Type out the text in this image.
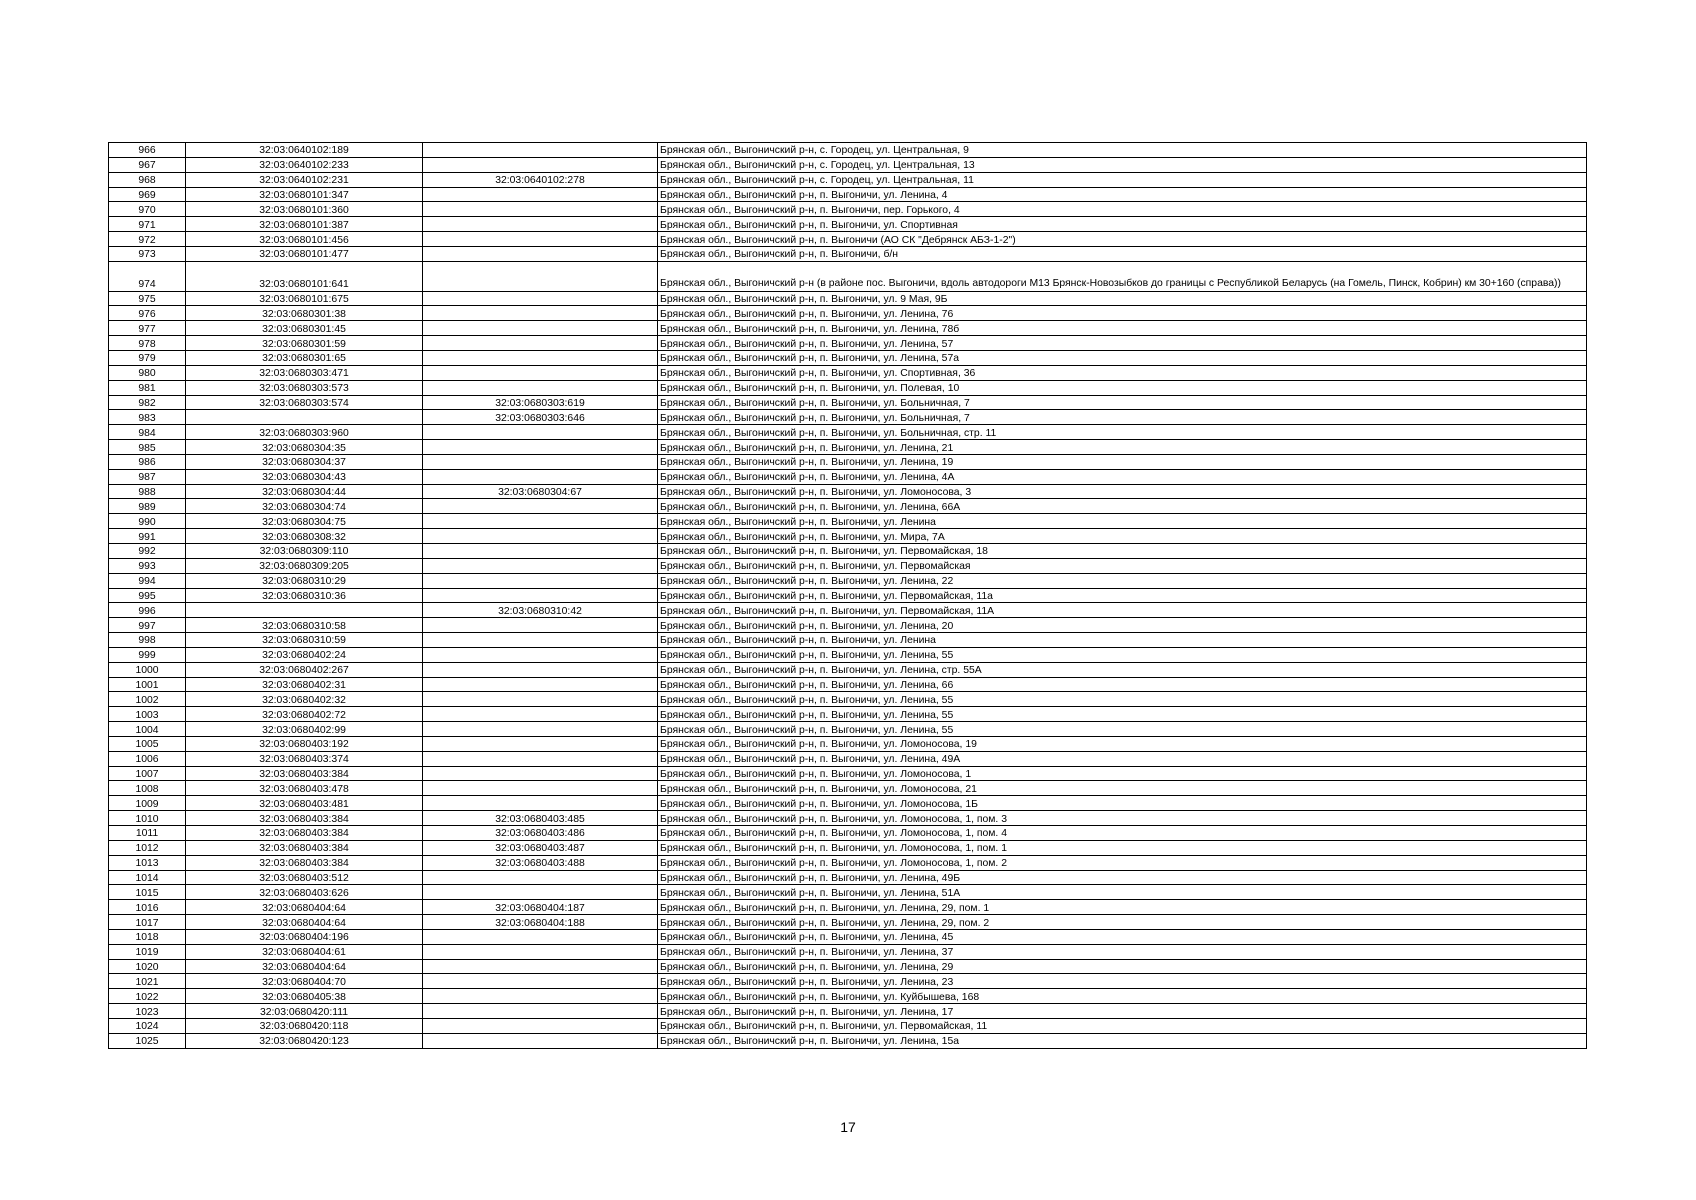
966	32:03:0640102:189		Брянская обл., Выгоничский р-н, с. Городец, ул. Центральная, 9
967	32:03:0640102:233		Брянская обл., Выгоничский р-н, с. Городец, ул. Центральная, 13
968	32:03:0640102:231	32:03:0640102:278	Брянская обл., Выгоничский р-н, с. Городец, ул. Центральная, 11
969	32:03:0680101:347		Брянская обл., Выгоничский р-н, п. Выгоничи, ул. Ленина, 4
970	32:03:0680101:360		Брянская обл., Выгоничский р-н, п. Выгоничи, пер. Горького, 4
971	32:03:0680101:387		Брянская обл., Выгоничский р-н, п. Выгоничи, ул. Спортивная
972	32:03:0680101:456		Брянская обл., Выгоничский р-н, п. Выгоничи (АО СК "Дебрянск АБЗ-1-2")
973	32:03:0680101:477		Брянская обл., Выгоничский р-н, п. Выгоничи, б/н
974	32:03:0680101:641		Брянская обл., Выгоничский р-н (в районе пос. Выгоничи, вдоль автодороги М13 Брянск-Новозыбков до границы с Республикой Беларусь (на Гомель, Пинск, Кобрин) км 30+160 (справа))
975	32:03:0680101:675		Брянская обл., Выгоничский р-н, п. Выгоничи, ул. 9 Мая, 9Б
976	32:03:0680301:38		Брянская обл., Выгоничский р-н, п. Выгоничи, ул. Ленина, 76
977	32:03:0680301:45		Брянская обл., Выгоничский р-н, п. Выгоничи, ул. Ленина, 78б
978	32:03:0680301:59		Брянская обл., Выгоничский р-н, п. Выгоничи, ул. Ленина, 57
979	32:03:0680301:65		Брянская обл., Выгоничский р-н, п. Выгоничи, ул. Ленина, 57а
980	32:03:0680303:471		Брянская обл., Выгоничский р-н, п. Выгоничи, ул. Спортивная, 36
981	32:03:0680303:573		Брянская обл., Выгоничский р-н, п. Выгоничи, ул. Полевая, 10
982	32:03:0680303:574	32:03:0680303:619	Брянская обл., Выгоничский р-н, п. Выгоничи, ул. Больничная, 7
983		32:03:0680303:646	Брянская обл., Выгоничский р-н, п. Выгоничи, ул. Больничная, 7
984	32:03:0680303:960		Брянская обл., Выгоничский р-н, п. Выгоничи, ул. Больничная, стр. 11
985	32:03:0680304:35		Брянская обл., Выгоничский р-н, п. Выгоничи, ул. Ленина, 21
986	32:03:0680304:37		Брянская обл., Выгоничский р-н, п. Выгоничи, ул. Ленина, 19
987	32:03:0680304:43		Брянская обл., Выгоничский р-н, п. Выгоничи, ул. Ленина, 4А
988	32:03:0680304:44	32:03:0680304:67	Брянская обл., Выгоничский р-н, п. Выгоничи, ул. Ломоносова, 3
989	32:03:0680304:74		Брянская обл., Выгоничский р-н, п. Выгоничи, ул. Ленина, 66А
990	32:03:0680304:75		Брянская обл., Выгоничский р-н, п. Выгоничи, ул. Ленина
991	32:03:0680308:32		Брянская обл., Выгоничский р-н, п. Выгоничи, ул. Мира, 7А
992	32:03:0680309:110		Брянская обл., Выгоничский р-н, п. Выгоничи, ул. Первомайская, 18
993	32:03:0680309:205		Брянская обл., Выгоничский р-н, п. Выгоничи, ул. Первомайская
994	32:03:0680310:29		Брянская обл., Выгоничский р-н, п. Выгоничи, ул. Ленина, 22
995	32:03:0680310:36		Брянская обл., Выгоничский р-н, п. Выгоничи, ул. Первомайская, 11а
996		32:03:0680310:42	Брянская обл., Выгоничский р-н, п. Выгоничи, ул. Первомайская, 11А
997	32:03:0680310:58		Брянская обл., Выгоничский р-н, п. Выгоничи, ул. Ленина, 20
998	32:03:0680310:59		Брянская обл., Выгоничский р-н, п. Выгоничи, ул. Ленина
999	32:03:0680402:24		Брянская обл., Выгоничский р-н, п. Выгоничи, ул. Ленина, 55
1000	32:03:0680402:267		Брянская обл., Выгоничский р-н, п. Выгоничи, ул. Ленина, стр. 55А
1001	32:03:0680402:31		Брянская обл., Выгоничский р-н, п. Выгоничи, ул. Ленина, 66
1002	32:03:0680402:32		Брянская обл., Выгоничский р-н, п. Выгоничи, ул. Ленина, 55
1003	32:03:0680402:72		Брянская обл., Выгоничский р-н, п. Выгоничи, ул. Ленина, 55
1004	32:03:0680402:99		Брянская обл., Выгоничский р-н, п. Выгоничи, ул. Ленина, 55
1005	32:03:0680403:192		Брянская обл., Выгоничский р-н, п. Выгоничи, ул. Ломоносова, 19
1006	32:03:0680403:374		Брянская обл., Выгоничский р-н, п. Выгоничи, ул. Ленина, 49А
1007	32:03:0680403:384		Брянская обл., Выгоничский р-н, п. Выгоничи, ул. Ломоносова, 1
1008	32:03:0680403:478		Брянская обл., Выгоничский р-н, п. Выгоничи, ул. Ломоносова, 21
1009	32:03:0680403:481		Брянская обл., Выгоничский р-н, п. Выгоничи, ул. Ломоносова, 1Б
1010	32:03:0680403:384	32:03:0680403:485	Брянская обл., Выгоничский р-н, п. Выгоничи, ул. Ломоносова, 1, пом. 3
1011	32:03:0680403:384	32:03:0680403:486	Брянская обл., Выгоничский р-н, п. Выгоничи, ул. Ломоносова, 1, пом. 4
1012	32:03:0680403:384	32:03:0680403:487	Брянская обл., Выгоничский р-н, п. Выгоничи, ул. Ломоносова, 1, пом. 1
1013	32:03:0680403:384	32:03:0680403:488	Брянская обл., Выгоничский р-н, п. Выгоничи, ул. Ломоносова, 1, пом. 2
1014	32:03:0680403:512		Брянская обл., Выгоничский р-н, п. Выгоничи, ул. Ленина, 49Б
1015	32:03:0680403:626		Брянская обл., Выгоничский р-н, п. Выгоничи, ул. Ленина, 51А
1016	32:03:0680404:64	32:03:0680404:187	Брянская обл., Выгоничский р-н, п. Выгоничи, ул. Ленина, 29, пом. 1
1017	32:03:0680404:64	32:03:0680404:188	Брянская обл., Выгоничский р-н, п. Выгоничи, ул. Ленина, 29, пом. 2
1018	32:03:0680404:196		Брянская обл., Выгоничский р-н, п. Выгоничи, ул. Ленина, 45
1019	32:03:0680404:61		Брянская обл., Выгоничский р-н, п. Выгоничи, ул. Ленина, 37
1020	32:03:0680404:64		Брянская обл., Выгоничский р-н, п. Выгоничи, ул. Ленина, 29
1021	32:03:0680404:70		Брянская обл., Выгоничский р-н, п. Выгоничи, ул. Ленина, 23
1022	32:03:0680405:38		Брянская обл., Выгоничский р-н, п. Выгоничи, ул. Куйбышева, 168
1023	32:03:0680420:111		Брянская обл., Выгоничский р-н, п. Выгоничи, ул. Ленина, 17
1024	32:03:0680420:118		Брянская обл., Выгоничский р-н, п. Выгоничи, ул. Первомайская, 11
1025	32:03:0680420:123		Брянская обл., Выгоничский р-н, п. Выгоничи, ул. Ленина, 15а
17
